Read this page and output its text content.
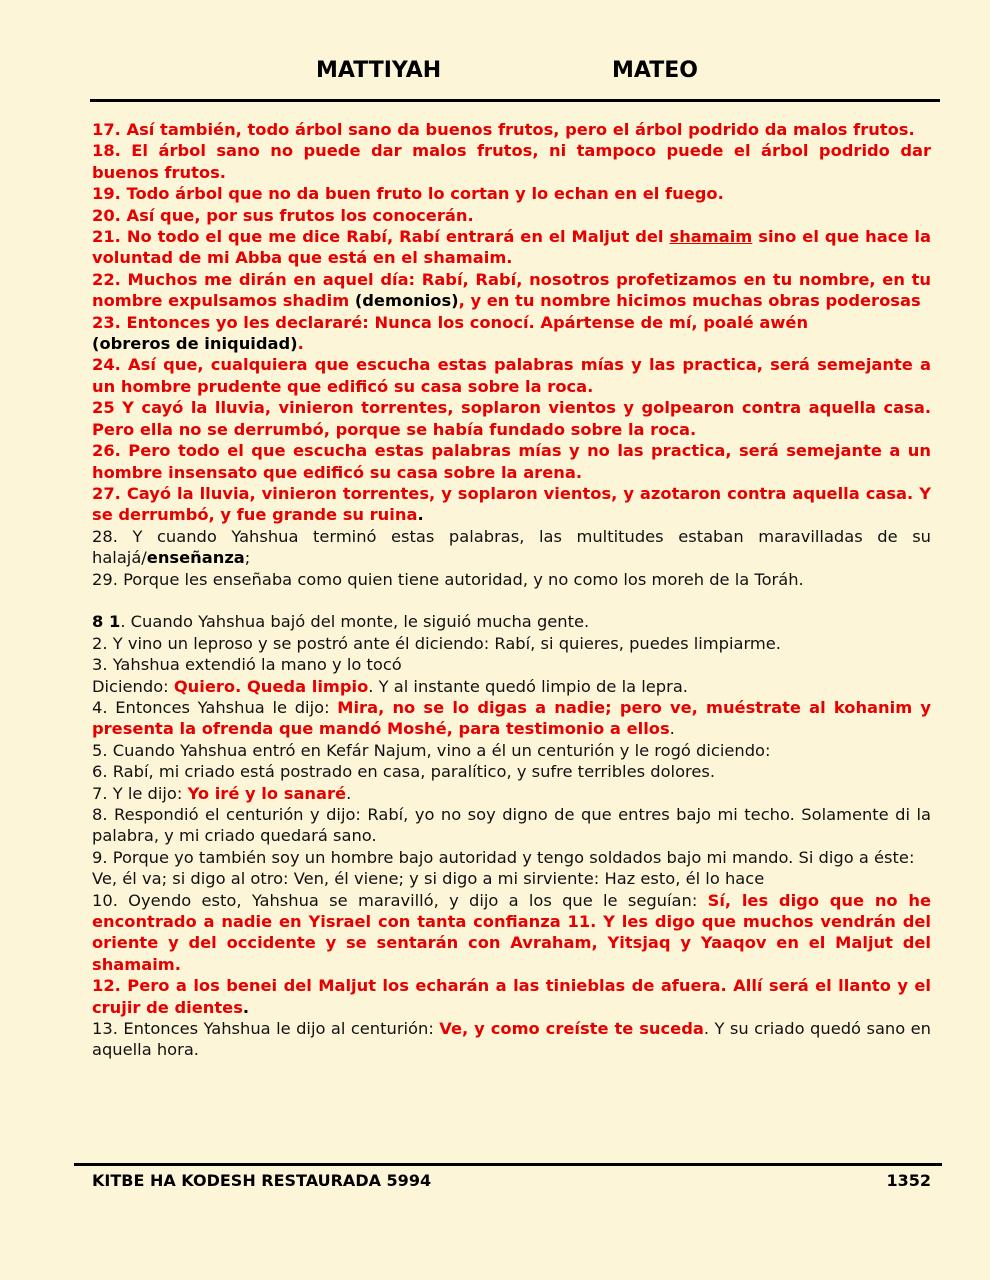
MATTIYAH	MATEO

17. Así también, todo árbol sano da buenos frutos, pero el árbol podrido da malos frutos.

18. El árbol sano no puede dar malos frutos, ni tampoco puede el árbol podrido dar buenos frutos.

19. Todo árbol que no da buen fruto lo cortan y lo echan en el fuego.

20. Así que, por sus frutos los conocerán.

21. No todo el que me dice Rabí, Rabí entrará en el Maljut del shamaim sino el que hace la voluntad de mi Abba que está en el shamaim.

22. Muchos me dirán en aquel día: Rabí, Rabí, nosotros profetizamos en tu nombre, en tu nombre expulsamos shadim (demonios), y en tu nombre hicimos muchas obras poderosas

23. Entonces yo les declararé: Nunca los conocí. Apártense de mí, poalé awén
(obreros de iniquidad).

24. Así que, cualquiera que escucha estas palabras mías y las practica, será semejante a un hombre prudente que edificó su casa sobre la roca.

25 Y cayó la lluvia, vinieron torrentes, soplaron vientos y golpearon contra aquella casa. Pero ella no se derrumbó, porque se había fundado sobre la roca.

26. Pero todo el que escucha estas palabras mías y no las practica, será semejante a un hombre insensato que edificó su casa sobre la arena.

27. Cayó la lluvia, vinieron torrentes, y soplaron vientos, y azotaron contra aquella casa. Y se derrumbó, y fue grande su ruina.

28. Y cuando Yahshua terminó estas palabras, las multitudes estaban maravilladas de su halajá/enseñanza;

29. Porque les enseñaba como quien tiene autoridad, y no como los moreh de la Toráh.

8 1. Cuando Yahshua bajó del monte, le siguió mucha gente.

2. Y vino un leproso y se postró ante él diciendo: Rabí, si quieres, puedes limpiarme.

3. Yahshua extendió la mano y lo tocó
Diciendo: Quiero. Queda limpio. Y al instante quedó limpio de la lepra.

4. Entonces Yahshua le dijo: Mira, no se lo digas a nadie; pero ve, muéstrate al kohanim y presenta la ofrenda que mandó Moshé, para testimonio a ellos.

5. Cuando Yahshua entró en Kefár Najum, vino a él un centurión y le rogó diciendo:

6. Rabí, mi criado está postrado en casa, paralítico, y sufre terribles dolores.

7. Y le dijo: Yo iré y lo sanaré.

8. Respondió el centurión y dijo: Rabí, yo no soy digno de que entres bajo mi techo. Solamente di la palabra, y mi criado quedará sano.

9. Porque yo también soy un hombre bajo autoridad y tengo soldados bajo mi mando. Si digo a éste: Ve, él va; si digo al otro: Ven, él viene; y si digo a mi sirviente: Haz esto, él lo hace

10. Oyendo esto, Yahshua se maravilló, y dijo a los que le seguían: Sí, les digo que no he encontrado a nadie en Yisrael con tanta confianza 11. Y les digo que muchos vendrán del oriente y del occidente y se sentarán con Avraham, Yitsjaq y Yaaqov en el Maljut del shamaim.

12. Pero a los benei del Maljut los echarán a las tinieblas de afuera. Allí será el llanto y el crujir de dientes.

13. Entonces Yahshua le dijo al centurión: Ve, y como creíste te suceda. Y su criado quedó sano en aquella hora.

KITBE HA KODESH RESTAURADA 5994	1352
